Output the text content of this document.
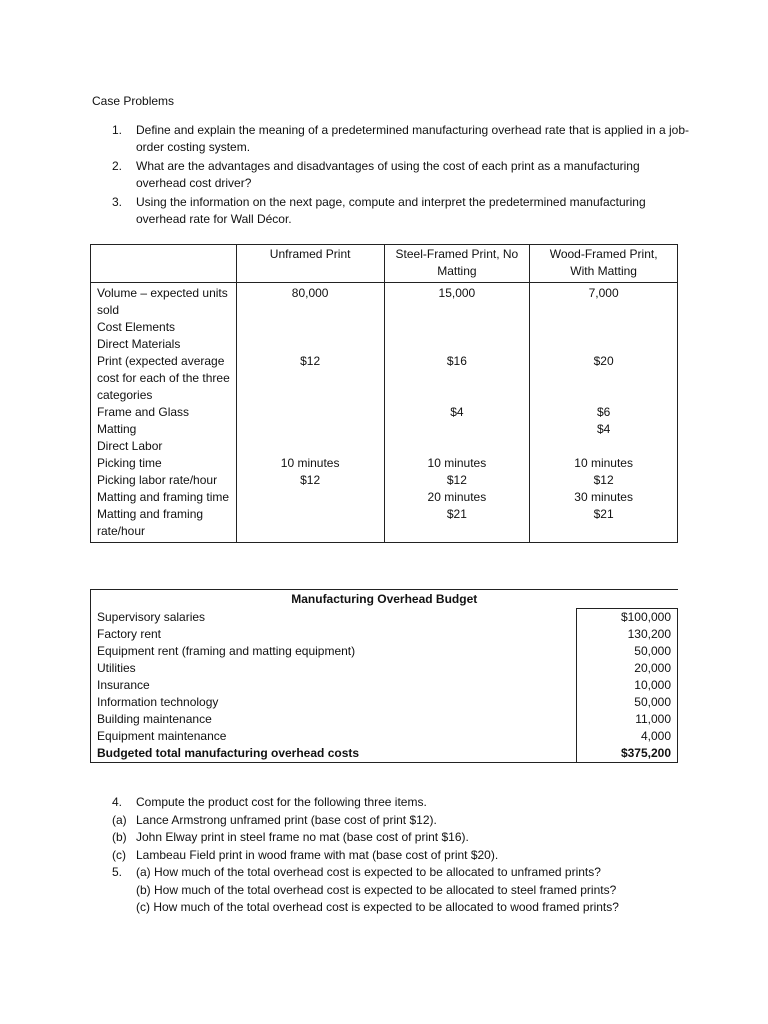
Case Problems
1. Define and explain the meaning of a predetermined manufacturing overhead rate that is applied in a job-order costing system.
2. What are the advantages and disadvantages of using the cost of each print as a manufacturing overhead cost driver?
3. Using the information on the next page, compute and interpret the predetermined manufacturing overhead rate for Wall Décor.
	Unframed Print	Steel-Framed Print, No Matting	Wood-Framed Print, With Matting
Volume – expected units sold	80,000	15,000	7,000
Cost Elements			
Direct Materials			
Print (expected average cost for each of the three categories	$12	$16	$20
Frame and Glass		$4	$6
Matting			$4
Direct Labor			
Picking time	10 minutes	10 minutes	10 minutes
Picking labor rate/hour	$12	$12	$12
Matting and framing time		20 minutes	30 minutes
Matting and framing rate/hour		$21	$21
Manufacturing Overhead Budget	
Supervisory salaries	$100,000
Factory rent	130,200
Equipment rent (framing and matting equipment)	50,000
Utilities	20,000
Insurance	10,000
Information technology	50,000
Building maintenance	11,000
Equipment maintenance	4,000
Budgeted total manufacturing overhead costs	$375,200
4. Compute the product cost for the following three items.
(a) Lance Armstrong unframed print (base cost of print $12).
(b) John Elway print in steel frame no mat (base cost of print $16).
(c) Lambeau Field print in wood frame with mat (base cost of print $20).
5. (a) How much of the total overhead cost is expected to be allocated to unframed prints?
(b) How much of the total overhead cost is expected to be allocated to steel framed prints?
(c) How much of the total overhead cost is expected to be allocated to wood framed prints?
